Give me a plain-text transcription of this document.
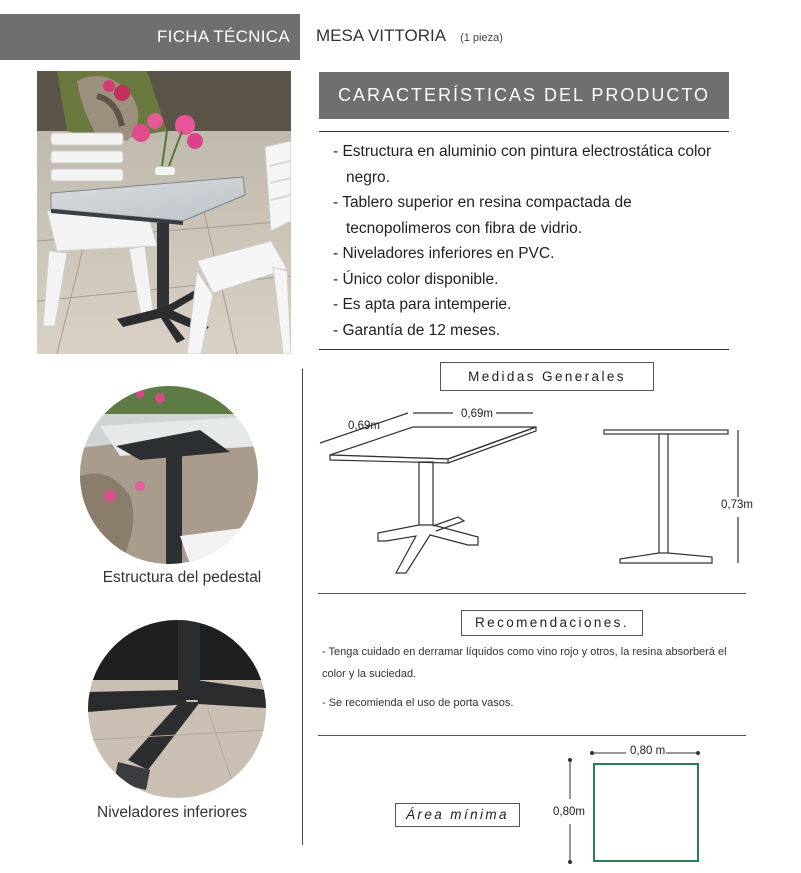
FICHA TÉCNICA MESA VITTORIA (1 pieza)
CARACTERÍSTICAS DEL PRODUCTO
- Estructura en aluminio con pintura electrostática color negro.
- Tablero superior en resina compactada de tecnopolimeros con fibra de vidrio.
- Niveladores inferiores en PVC.
- Único color disponible.
- Es apta para intemperie.
- Garantía de 12 meses.
Estructura del pedestal
Niveladores inferiores
Medidas Generales
0,69m
0,69m
0,73m
Recomendaciones.
- Tenga cuidado en derramar líquidos como vino rojo y otros, la resina absorberá el color y la suciedad.
- Se recomienda el uso de porta vasos.
Área mínima
0,80 m
0,80m
